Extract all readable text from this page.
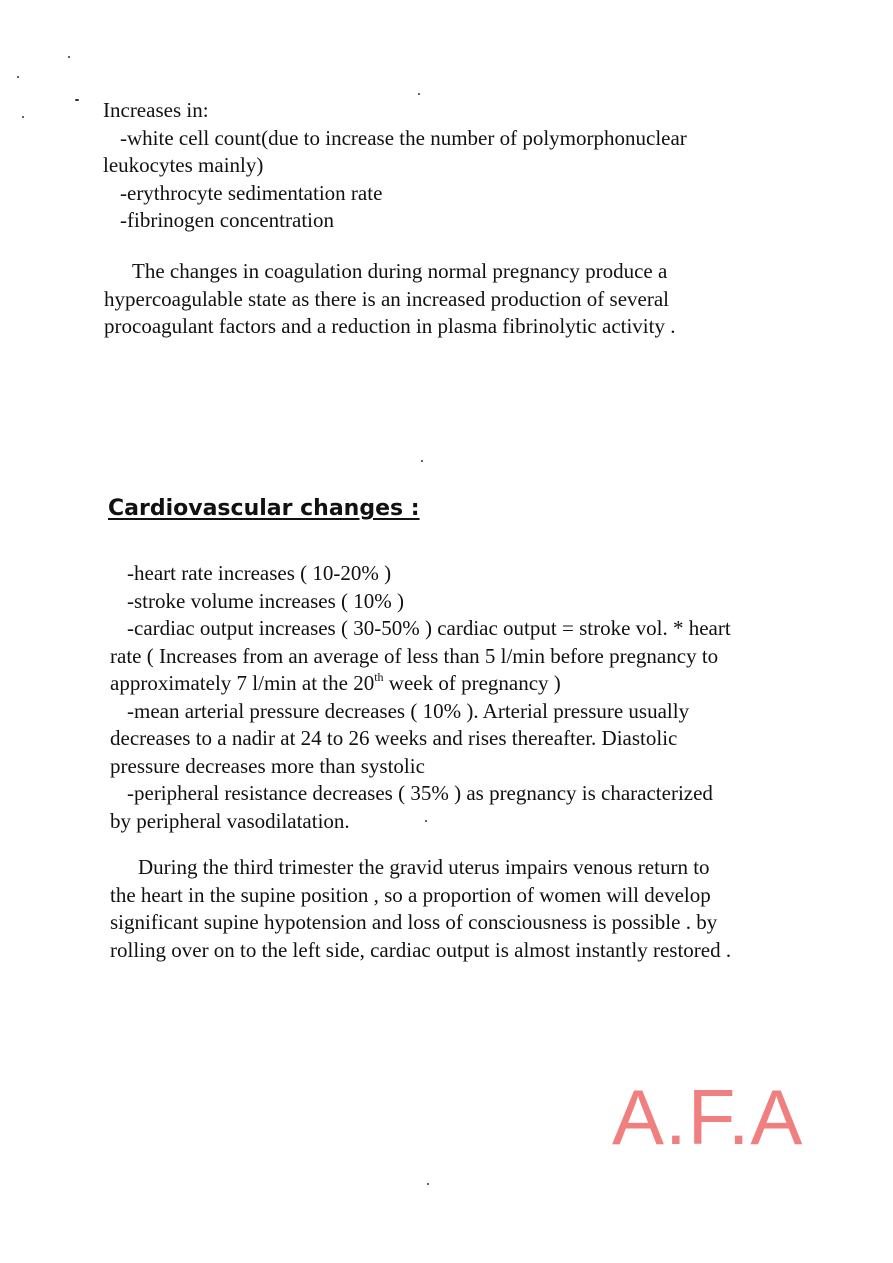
Increases in:
-white cell count(due to increase the number of polymorphonuclear
leukocytes mainly)
-erythrocyte sedimentation rate
-fibrinogen concentration
The changes in coagulation during normal pregnancy produce a
hypercoagulable state as there is an increased production of several
procoagulant factors and a reduction in plasma fibrinolytic activity .
Cardiovascular changes :
-heart rate increases ( 10-20% )
-stroke volume increases ( 10% )
-cardiac output increases ( 30-50% ) cardiac output = stroke vol. * heart
rate ( Increases from an average of less than 5 l/min before pregnancy to
approximately 7 l/min at the 20th week of pregnancy )
-mean arterial pressure decreases ( 10% ). Arterial pressure usually
decreases to a nadir at 24 to 26 weeks and rises thereafter. Diastolic
pressure decreases more than systolic
-peripheral resistance decreases ( 35% ) as pregnancy is characterized
by peripheral vasodilatation.
During the third trimester the gravid uterus impairs venous return to
the heart in the supine position , so a proportion of women will develop
significant supine hypotension and loss of consciousness is possible . by
rolling over on to the left side, cardiac output is almost instantly restored .
A.F.A
